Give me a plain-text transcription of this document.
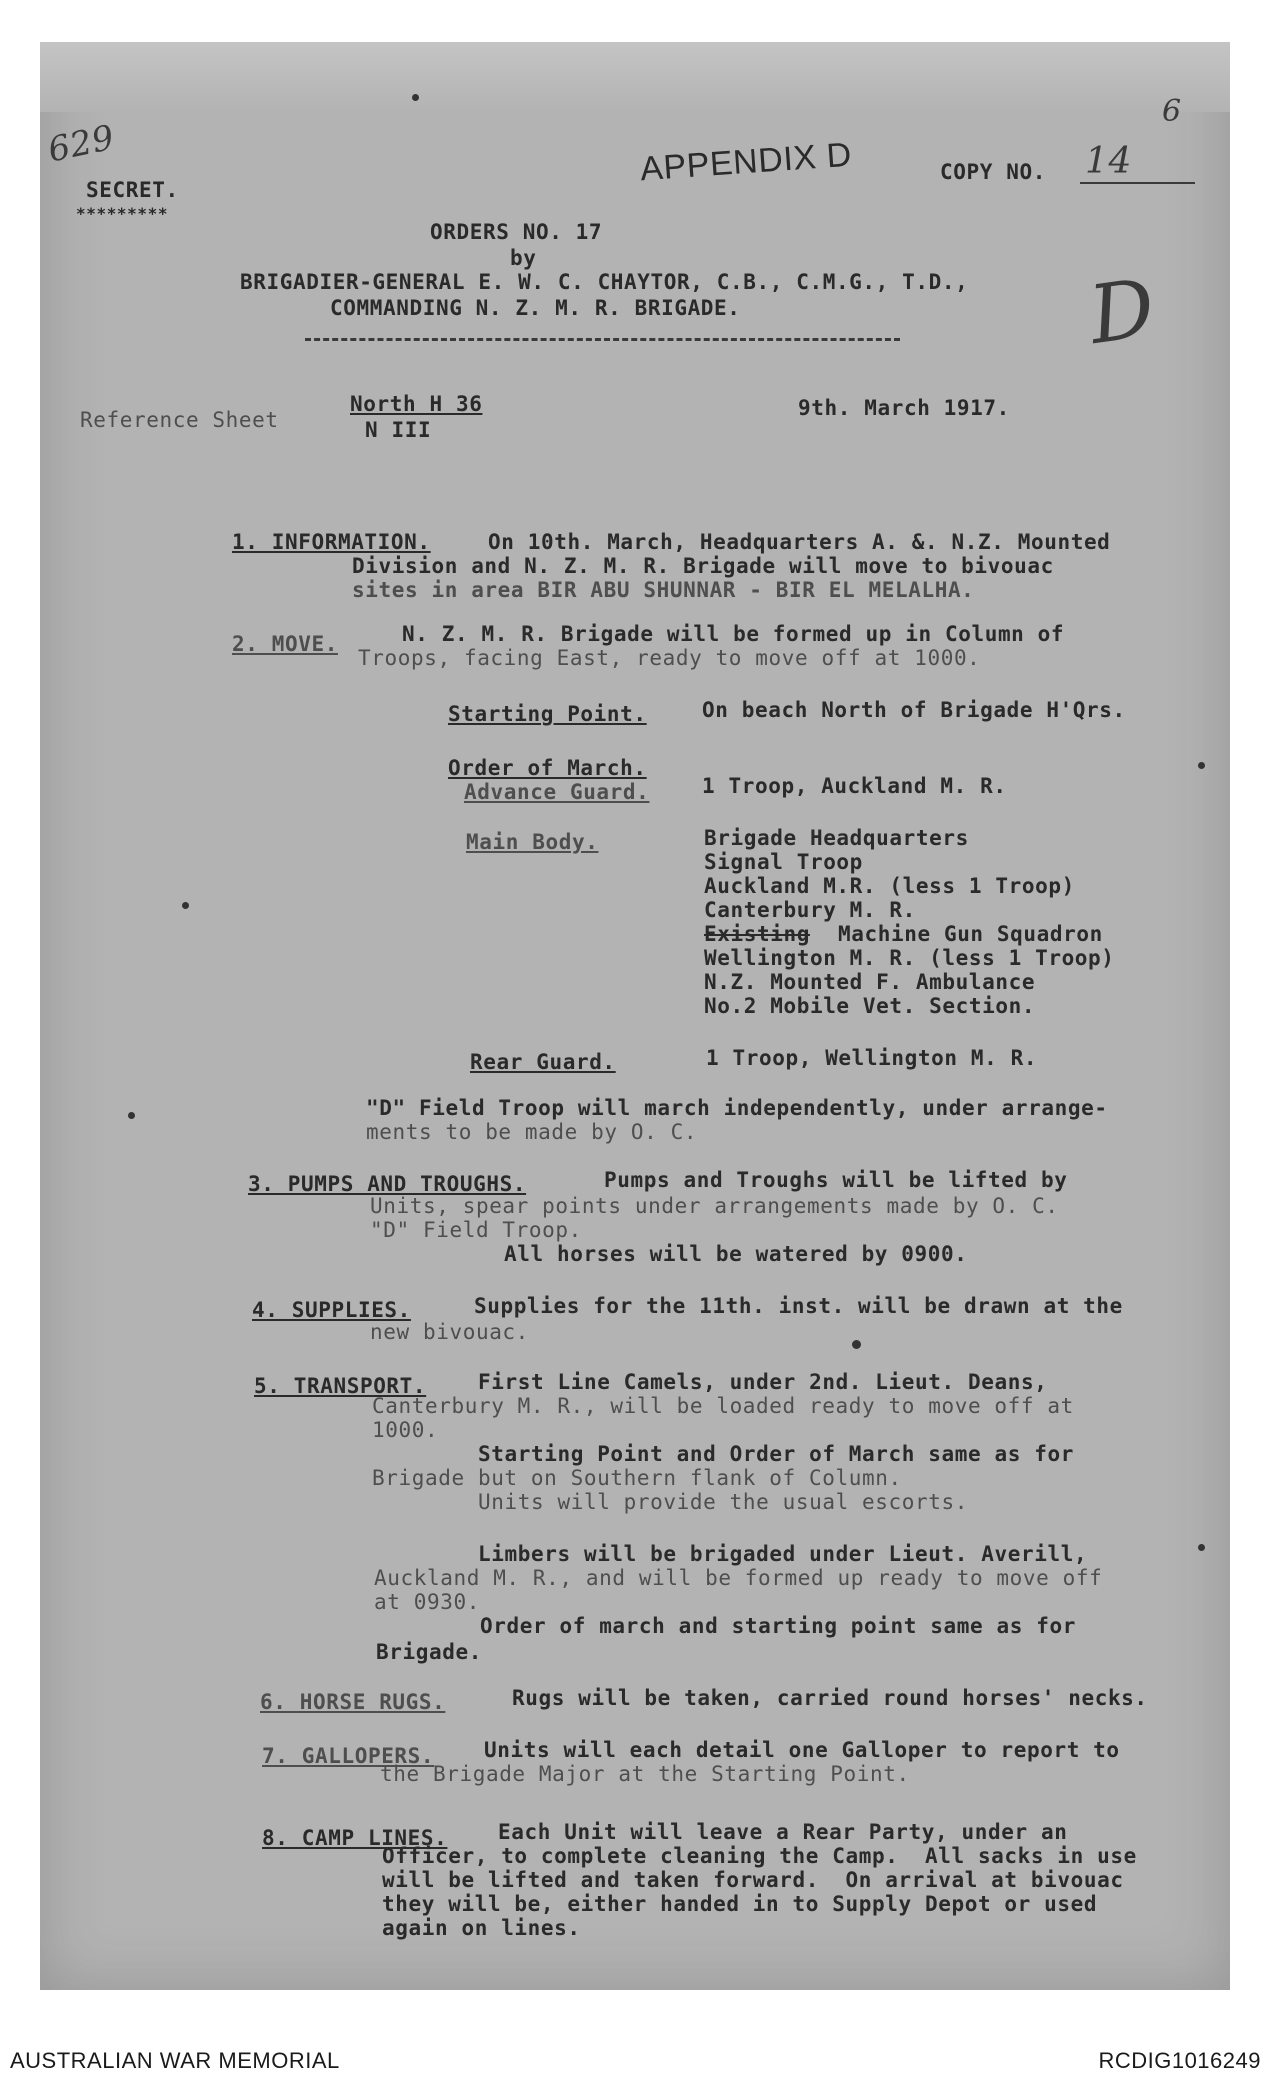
629
6
SECRET.
*********
APPENDIX D	COPY NO. 14
ORDERS NO. 17
by
BRIGADIER-GENERAL E. W. C. CHAYTOR, C.B., C.M.G., T.D.,
COMMANDING N. Z. M. R. BRIGADE.	D
Reference Sheet
North H 36
N III
9th. March 1917.
1. INFORMATION.	On 10th. March, Headquarters A. &. N.Z. Mounted
Division and N. Z. M. R. Brigade will move to bivouac
sites in area BIR ABU SHUNNAR - BIR EL MELALHA.
2. MOVE.	N. Z. M. R. Brigade will be formed up in Column of
Troops, facing East, ready to move off at 1000.
Starting Point.	On beach North of Brigade H'Qrs.
Order of March.
Advance Guard.	1 Troop, Auckland M. R.
Main Body.	Brigade Headquarters
Signal Troop
Auckland M.R. (less 1 Troop)
Canterbury M. R.
Existing Machine Gun Squadron
Wellington M. R. (less 1 Troop)
N.Z. Mounted F. Ambulance
No.2 Mobile Vet. Section.
Rear Guard.	1 Troop, Wellington M. R.
"D" Field Troop will march independently, under arrange-
ments to be made by O. C.
3. PUMPS AND TROUGHS.	Pumps and Troughs will be lifted by
Units, spear points under arrangements made by O. C.
"D" Field Troop.
All horses will be watered by 0900.
4. SUPPLIES.	Supplies for the 11th. inst. will be drawn at the
new bivouac.
5. TRANSPORT. First Line Camels, under 2nd. Lieut. Deans,
Canterbury M. R., will be loaded ready to move off at
1000.
Starting Point and Order of March same as for
Brigade but on Southern flank of Column.
Units will provide the usual escorts.
Limbers will be brigaded under Lieut. Averill,
Auckland M. R., and will be formed up ready to move off
at 0930.
Order of march and starting point same as for
Brigade.
6. HORSE RUGS.	Rugs will be taken, carried round horses' necks.
7. GALLOPERS. Units will each detail one Galloper to report to
the Brigade Major at the Starting Point.
8. CAMP LINES. Each Unit will leave a Rear Party, under an
Officer, to complete cleaning the Camp.  All sacks in use
will be lifted and taken forward.  On arrival at bivouac
they will be, either handed in to Supply Depot or used
again on lines.
AUSTRALIAN WAR MEMORIAL	RCDIG1016249
